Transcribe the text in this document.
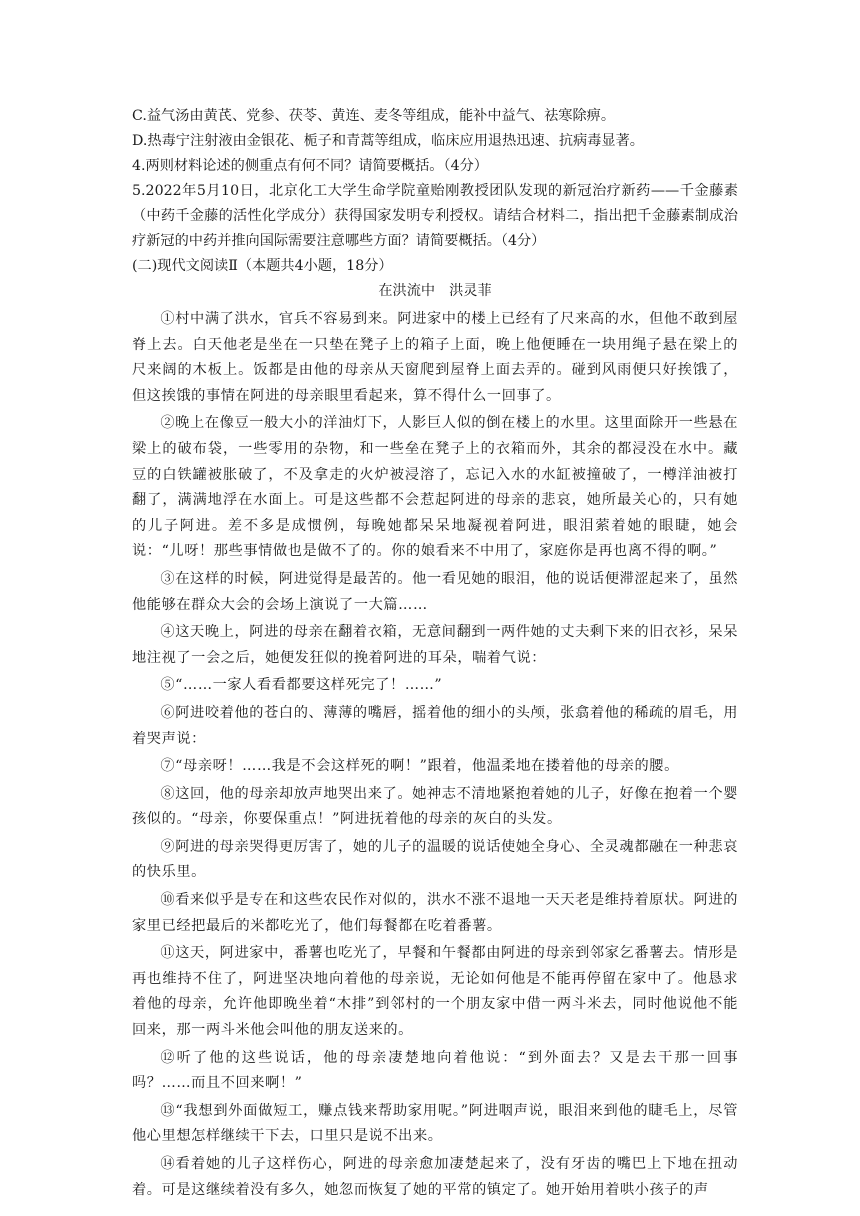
C.益气汤由黄芪、党参、茯苓、黄连、麦冬等组成，能补中益气、祛寒除痹。

D.热毒宁注射液由金银花、栀子和青蒿等组成，临床应用退热迅速、抗病毒显著。

4.两则材料论述的侧重点有何不同？请简要概括。（4分）

5.2022年5月10日，北京化工大学生命学院童贻刚教授团队发现的新冠治疗新药——千金藤素（中药千金藤的活性化学成分）获得国家发明专利授权。请结合材料二，指出把千金藤素制成治疗新冠的中药并推向国际需要注意哪些方面？请简要概括。（4分）

(二)现代文阅读Ⅱ（本题共4小题，18分）

在洪流中 洪灵菲

①村中满了洪水，官兵不容易到来。阿进家中的楼上已经有了尺来高的水，但他不敢到屋脊上去。白天他老是坐在一只垫在凳子上的箱子上面，晚上他便睡在一块用绳子悬在梁上的尺来阔的木板上。饭都是由他的母亲从天窗爬到屋脊上面去弄的。碰到风雨便只好挨饿了，但这挨饿的事情在阿进的母亲眼里看起来，算不得什么一回事了。

②晚上在像豆一般大小的洋油灯下，人影巨人似的倒在楼上的水里。这里面除开一些悬在梁上的破布袋，一些零用的杂物，和一些垒在凳子上的衣箱而外，其余的都浸没在水中。藏豆的白铁罐被胀破了，不及拿走的火炉被浸溶了，忘记入水的水缸被撞破了，一樽洋油被打翻了，满满地浮在水面上。可是这些都不会惹起阿进的母亲的悲哀，她所最关心的，只有她的儿子阿进。差不多是成惯例，每晚她都呆呆地凝视着阿进，眼泪萦着她的眼睫，她会说：“儿呀！那些事情做也是做不了的。你的娘看来不中用了，家庭你是再也离不得的啊。”

③在这样的时候，阿进觉得是最苦的。他一看见她的眼泪，他的说话便滞涩起来了，虽然他能够在群众大会的会场上演说了一大篇……

④这天晚上，阿进的母亲在翻着衣箱，无意间翻到一两件她的丈夫剩下来的旧衣衫，呆呆地注视了一会之后，她便发狂似的挽着阿进的耳朵，喘着气说：

⑤“……一家人看看都要这样死完了！……”

⑥阿进咬着他的苍白的、薄薄的嘴唇，摇着他的细小的头颅，张翕着他的稀疏的眉毛，用着哭声说：

⑦“母亲呀！……我是不会这样死的啊！”跟着，他温柔地在搂着他的母亲的腰。

⑧这回，他的母亲却放声地哭出来了。她神志不清地紧抱着她的儿子，好像在抱着一个婴孩似的。“母亲，你要保重点！”阿进抚着他的母亲的灰白的头发。

⑨阿进的母亲哭得更厉害了，她的儿子的温暖的说话使她全身心、全灵魂都融在一种悲哀的快乐里。

⑩看来似乎是专在和这些农民作对似的，洪水不涨不退地一天天老是维持着原状。阿进的家里已经把最后的米都吃光了，他们每餐都在吃着番薯。

⑪这天，阿进家中，番薯也吃光了，早餐和午餐都由阿进的母亲到邻家乞番薯去。情形是再也维持不住了，阿进坚决地向着他的母亲说，无论如何他是不能再停留在家中了。他恳求着他的母亲，允许他即晚坐着“木排”到邻村的一个朋友家中借一两斗米去，同时他说他不能回来，那一两斗米他会叫他的朋友送来的。

⑫听了他的这些说话，他的母亲凄楚地向着他说：“到外面去？又是去干那一回事吗？……而且不回来啊！”

⑬“我想到外面做短工，赚点钱来帮助家用呢。”阿进咽声说，眼泪来到他的睫毛上，尽管他心里想怎样继续干下去，口里只是说不出来。

⑭看着她的儿子这样伤心，阿进的母亲愈加凄楚起来了，没有牙齿的嘴巴上下地在扭动着。可是这继续着没有多久，她忽而恢复了她的平常的镇定了。她开始用着哄小孩子的声
